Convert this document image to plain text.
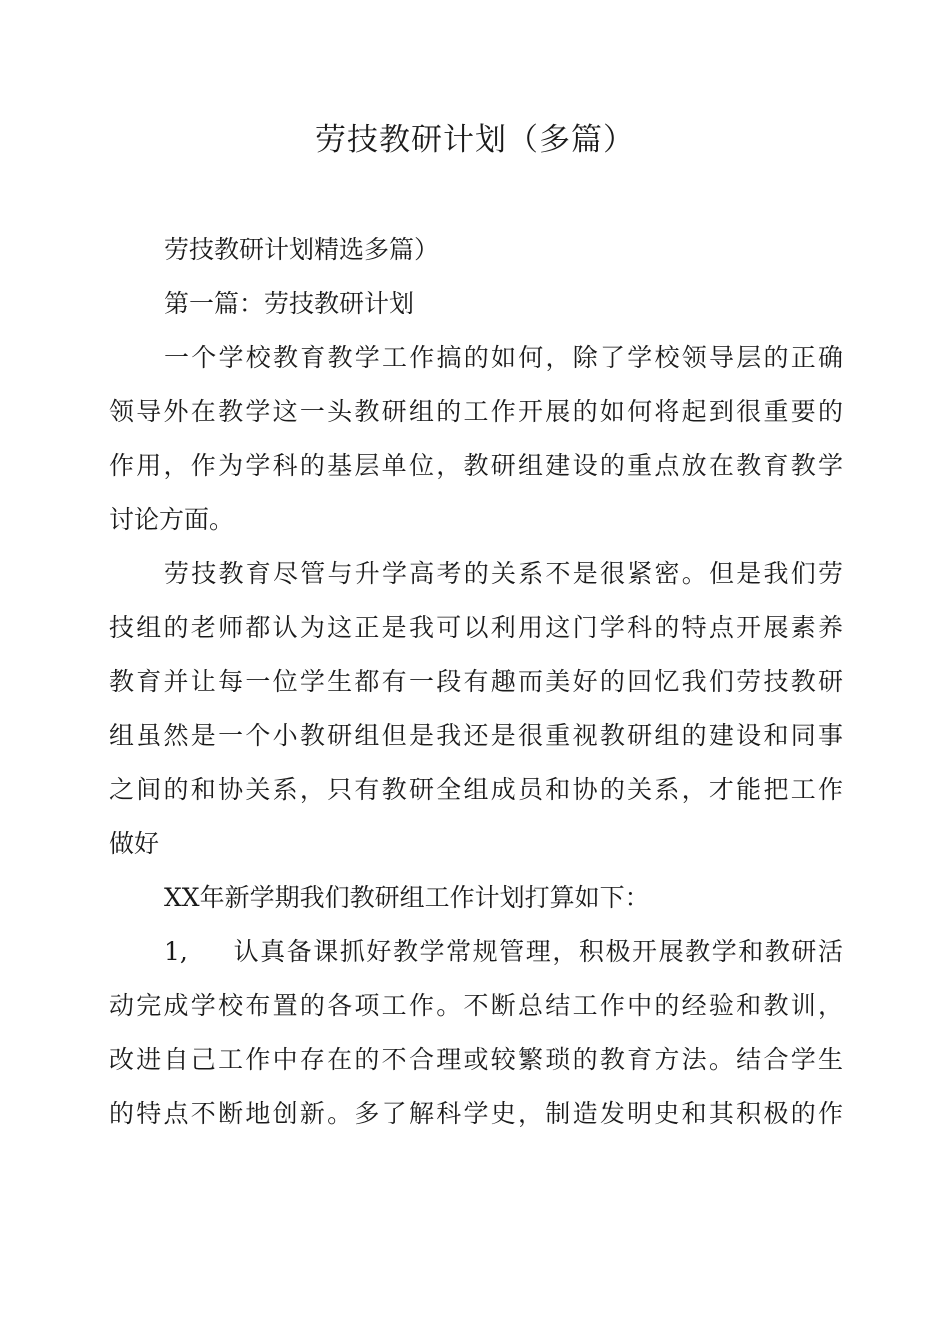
劳技教研计划（多篇）
劳技教研计划精选多篇）
第一篇：劳技教研计划
一个学校教育教学工作搞的如何，除了学校领导层的正确
领导外在教学这一头教研组的工作开展的如何将起到很重要的
作用，作为学科的基层单位，教研组建设的重点放在教育教学
讨论方面。
劳技教育尽管与升学高考的关系不是很紧密。但是我们劳
技组的老师都认为这正是我可以利用这门学科的特点开展素养
教育并让每一位学生都有一段有趣而美好的回忆我们劳技教研
组虽然是一个小教研组但是我还是很重视教研组的建设和同事
之间的和协关系，只有教研全组成员和协的关系，才能把工作
做好
XX年新学期我们教研组工作计划打算如下：
1, 认真备课抓好教学常规管理，积极开展教学和教研活
动完成学校布置的各项工作。不断总结工作中的经验和教训，
改进自己工作中存在的不合理或较繁琐的教育方法。结合学生
的特点不断地创新。多了解科学史，制造发明史和其积极的作
